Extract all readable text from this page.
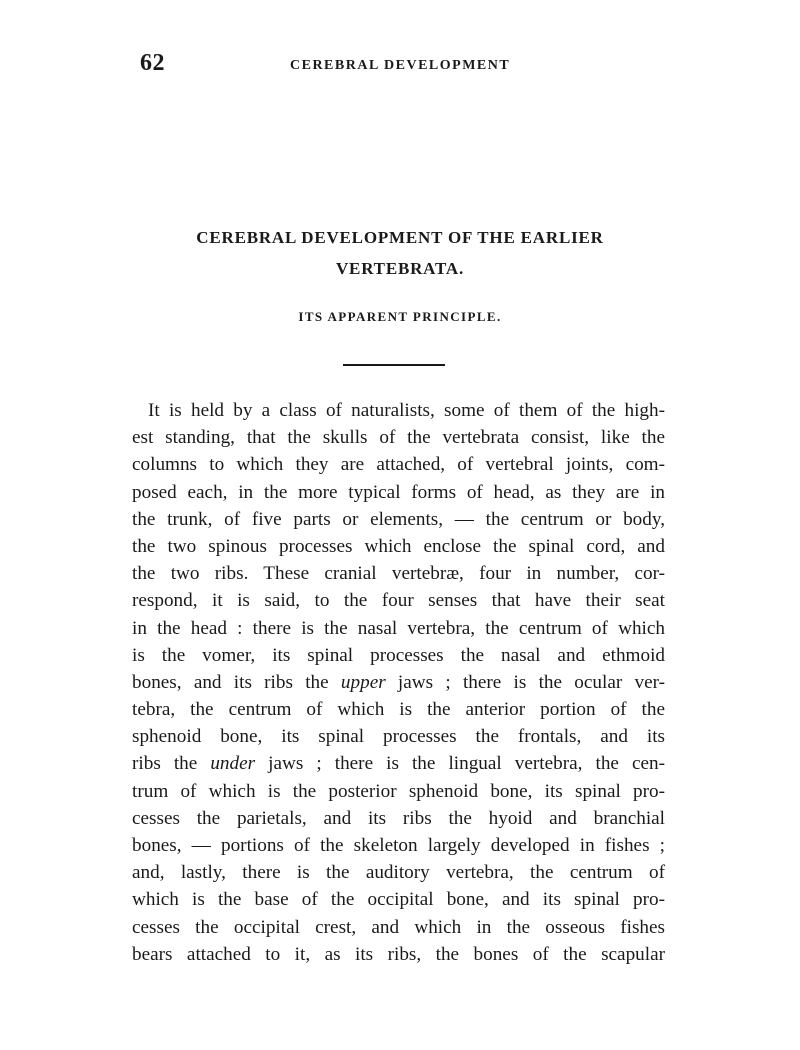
62	CEREBRAL DEVELOPMENT
CEREBRAL DEVELOPMENT OF THE EARLIER
VERTEBRATA.
ITS APPARENT PRINCIPLE.
It is held by a class of naturalists, some of them of the high-
est standing, that the skulls of the vertebrata consist, like the
columns to which they are attached, of vertebral joints, com-
posed each, in the more typical forms of head, as they are in
the trunk, of five parts or elements, — the centrum or body,
the two spinous processes which enclose the spinal cord, and
the two ribs. These cranial vertebræ, four in number, cor-
respond, it is said, to the four senses that have their seat
in the head : there is the nasal vertebra, the centrum of which
is the vomer, its spinal processes the nasal and ethmoid
bones, and its ribs the upper jaws ; there is the ocular ver-
tebra, the centrum of which is the anterior portion of the
sphenoid bone, its spinal processes the frontals, and its
ribs the under jaws ; there is the lingual vertebra, the cen-
trum of which is the posterior sphenoid bone, its spinal pro-
cesses the parietals, and its ribs the hyoid and branchial
bones, — portions of the skeleton largely developed in fishes ;
and, lastly, there is the auditory vertebra, the centrum of
which is the base of the occipital bone, and its spinal pro-
cesses the occipital crest, and which in the osseous fishes
bears attached to it, as its ribs, the bones of the scapular
